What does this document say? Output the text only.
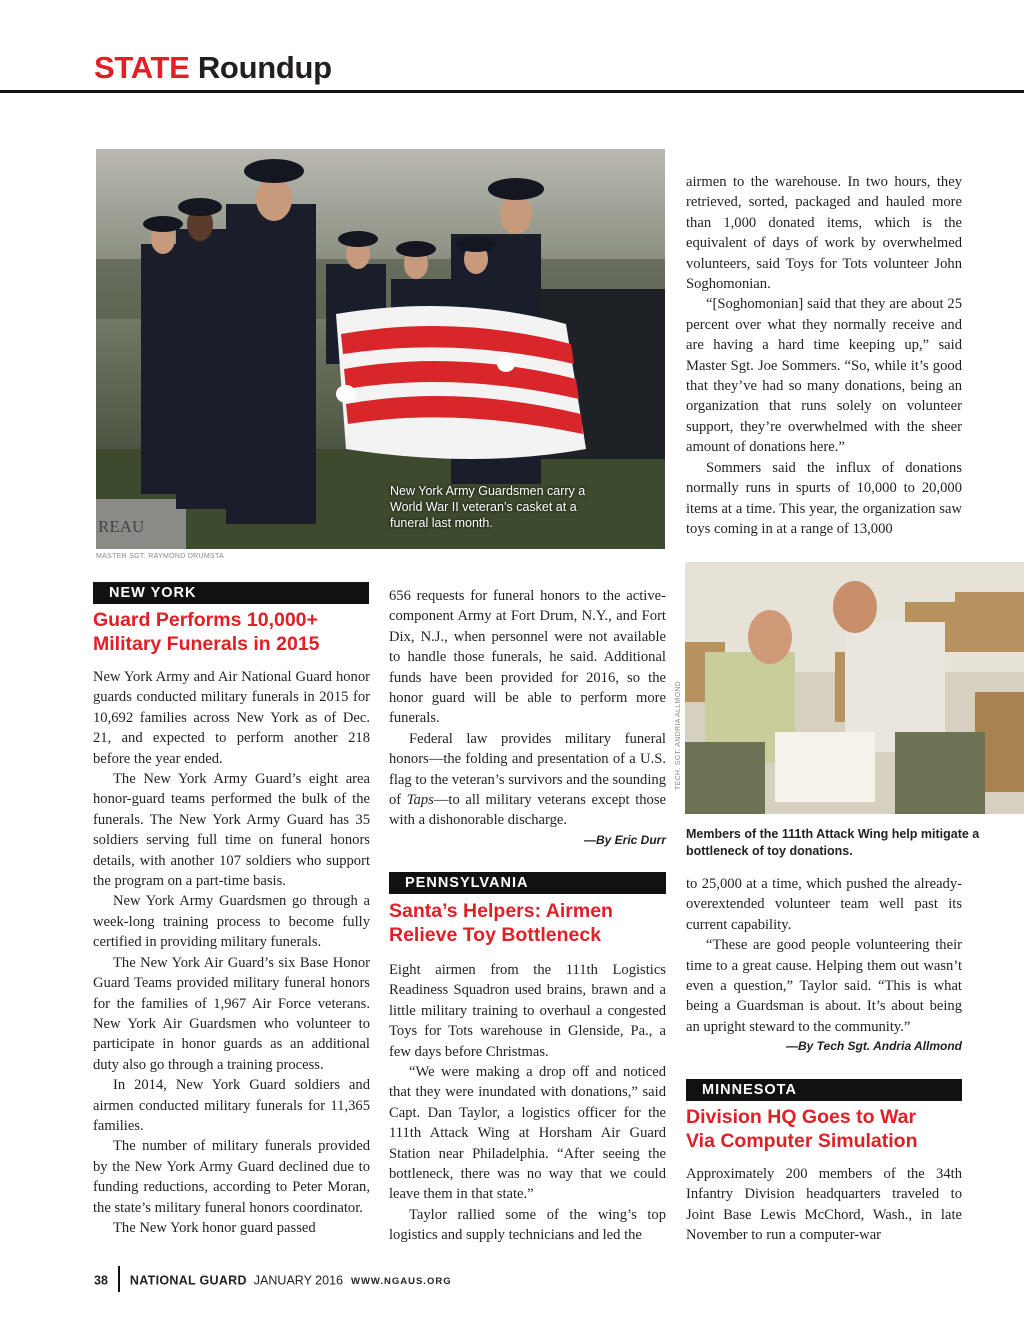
STATE Roundup
REAU
MASTER SGT. RAYMOND DRUMSTA
New York Army Guardsmen carry a World War II veteran’s casket at a funeral last month.
TECH. SGT. ANDRIA ALLMOND
Members of the 111th Attack Wing help mitigate a bottleneck of toy donations.
NEW YORK
Guard Performs 10,000+
Military Funerals in 2015

New York Army and Air National Guard honor guards conducted military funerals in 2015 for 10,692 families across New York as of Dec. 21, and expected to perform another 218 before the year ended.

The New York Army Guard’s eight area honor-guard teams performed the bulk of the funerals. The New York Army Guard has 35 soldiers serving full time on funeral honors details, with another 107 soldiers who support the program on a part-time basis.

New York Army Guardsmen go through a week-long training process to become fully certified in providing military funerals.

The New York Air Guard’s six Base Honor Guard Teams provided military funeral honors for the families of 1,967 Air Force veterans. New York Air Guardsmen who volunteer to participate in honor guards as an additional duty also go through a training process.

In 2014, New York Guard soldiers and airmen conducted military funerals for 11,365 families.

The number of military funerals provided by the New York Army Guard declined due to funding reductions, according to Peter Moran, the state’s military funeral honors coordinator.

The New York honor guard passed

656 requests for funeral honors to the active-component Army at Fort Drum, N.Y., and Fort Dix, N.J., when personnel were not available to handle those funerals, he said. Additional funds have been provided for 2016, so the honor guard will be able to perform more funerals.

Federal law provides military funeral honors—the folding and presentation of a U.S. flag to the veteran’s survivors and the sounding of Taps—to all military veterans except those with a dishonorable discharge.

—By Eric Durr
PENNSYLVANIA
Santa’s Helpers: Airmen
Relieve Toy Bottleneck

Eight airmen from the 111th Logistics Readiness Squadron used brains, brawn and a little military training to overhaul a congested Toys for Tots warehouse in Glenside, Pa., a few days before Christmas.

“We were making a drop off and noticed that they were inundated with donations,” said Capt. Dan Taylor, a logistics officer for the 111th Attack Wing at Horsham Air Guard Station near Philadelphia. “After seeing the bottleneck, there was no way that we could leave them in that state.”

Taylor rallied some of the wing’s top logistics and supply technicians and led the

airmen to the warehouse. In two hours, they retrieved, sorted, packaged and hauled more than 1,000 donated items, which is the equivalent of days of work by overwhelmed volunteers, said Toys for Tots volunteer John Soghomonian.

“[Soghomonian] said that they are about 25 percent over what they normally receive and are having a hard time keeping up,” said Master Sgt. Joe Sommers. “So, while it’s good that they’ve had so many donations, being an organization that runs solely on volunteer support, they’re overwhelmed with the sheer amount of donations here.”

Sommers said the influx of donations normally runs in spurts of 10,000 to 20,000 items at a time. This year, the organization saw toys coming in at a range of 13,000

to 25,000 at a time, which pushed the already-overextended volunteer team well past its current capability.

“These are good people volunteering their time to a great cause. Helping them out wasn’t even a question,” Taylor said. “This is what being a Guardsman is about. It’s about being an upright steward to the community.”

—By Tech Sgt. Andria Allmond
MINNESOTA
Division HQ Goes to War
Via Computer Simulation

Approximately 200 members of the 34th Infantry Division headquarters traveled to Joint Base Lewis McChord, Wash., in late November to run a computer-war

38 NATIONAL GUARD JANUARY 2016 WWW.NGAUS.ORG
